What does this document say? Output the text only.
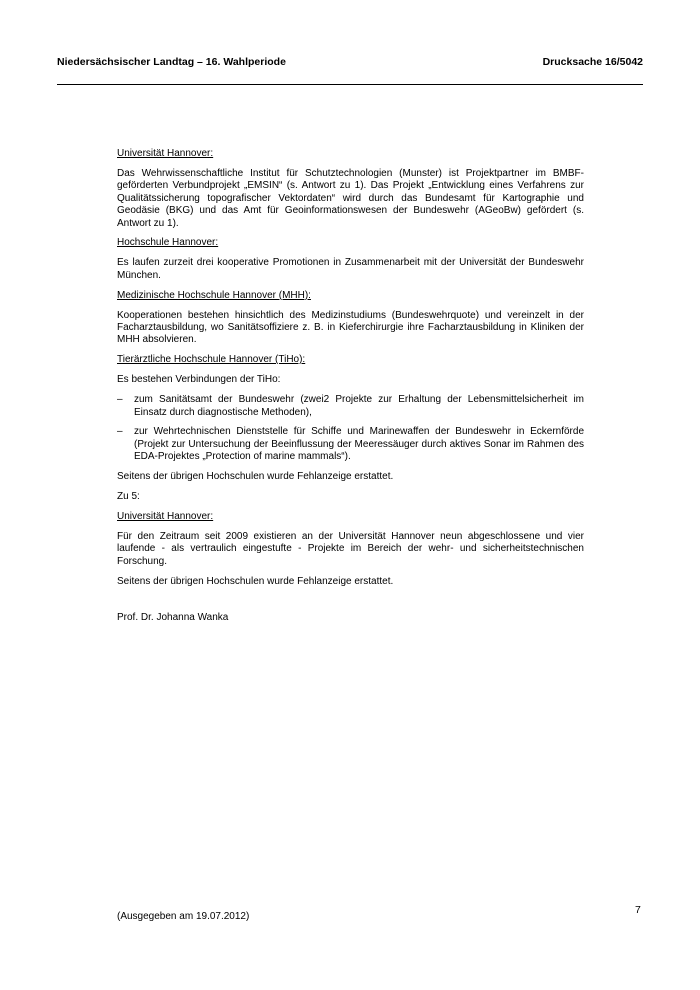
Niedersächsischer Landtag – 16. Wahlperiode	Drucksache 16/5042

Universität Hannover:

Das Wehrwissenschaftliche Institut für Schutztechnologien (Munster) ist Projektpartner im BMBF-geförderten Verbundprojekt „EMSIN“ (s. Antwort zu 1). Das Projekt „Entwicklung eines Verfahrens zur Qualitätssicherung topografischer Vektordaten“ wird durch das Bundesamt für Kartographie und Geodäsie (BKG) und das Amt für Geoinformationswesen der Bundeswehr (AGeoBw) gefördert (s. Antwort zu 1).

Hochschule Hannover:

Es laufen zurzeit drei kooperative Promotionen in Zusammenarbeit mit der Universität der Bundeswehr München.

Medizinische Hochschule Hannover (MHH):

Kooperationen bestehen hinsichtlich des Medizinstudiums (Bundeswehrquote) und vereinzelt in der Facharztausbildung, wo Sanitätsoffiziere z. B. in Kieferchirurgie ihre Facharztausbildung in Kliniken der MHH absolvieren.

Tierärztliche Hochschule Hannover (TiHo):

Es bestehen Verbindungen der TiHo:

– zum Sanitätsamt der Bundeswehr (zwei2 Projekte zur Erhaltung der Lebensmittelsicherheit im Einsatz durch diagnostische Methoden),

– zur Wehrtechnischen Dienststelle für Schiffe und Marinewaffen der Bundeswehr in Eckernförde (Projekt zur Untersuchung der Beeinflussung der Meeressäuger durch aktives Sonar im Rahmen des EDA-Projektes „Protection of marine mammals“).

Seitens der übrigen Hochschulen wurde Fehlanzeige erstattet.

Zu 5:

Universität Hannover:

Für den Zeitraum seit 2009 existieren an der Universität Hannover neun abgeschlossene und vier laufende - als vertraulich eingestufte - Projekte im Bereich der wehr- und sicherheitstechnischen Forschung.

Seitens der übrigen Hochschulen wurde Fehlanzeige erstattet.

Prof. Dr. Johanna Wanka

(Ausgegeben am 19.07.2012)
7
